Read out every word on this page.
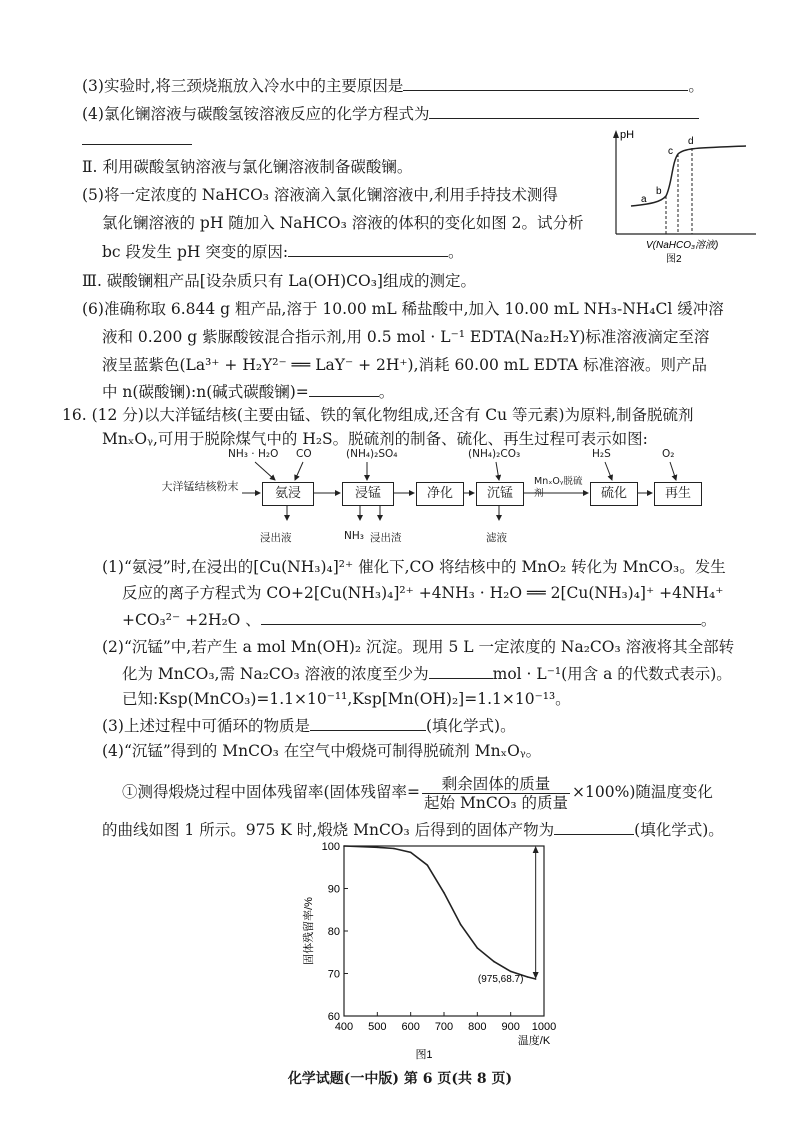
(3)实验时,将三颈烧瓶放入冷水中的主要原因是	。
(4)氯化镧溶液与碳酸氢铵溶液反应的化学方程式为
Ⅱ. 利用碳酸氢钠溶液与氯化镧溶液制备碳酸镧。
(5)将一定浓度的 NaHCO₃ 溶液滴入氯化镧溶液中,利用手持技术测得
氯化镧溶液的 pH 随加入 NaHCO₃ 溶液的体积的变化如图 2。试分析
bc 段发生 pH 突变的原因:	。
pH
a
b
c
d
V(NaHCO₃溶液)
图2
Ⅲ. 碳酸镧粗产品[设杂质只有 La(OH)CO₃]组成的测定。
(6)准确称取 6.844 g 粗产品,溶于 10.00 mL 稀盐酸中,加入 10.00 mL NH₃-NH₄Cl 缓冲溶
液和 0.200 g 紫脲酸铵混合指示剂,用 0.5 mol · L⁻¹ EDTA(Na₂H₂Y)标准溶液滴定至溶
液呈蓝紫色(La³⁺ + H₂Y²⁻ ══ LaY⁻ + 2H⁺),消耗 60.00 mL EDTA 标准溶液。则产品
中 n(碳酸镧):n(碱式碳酸镧)=	。
16. (12 分)以大洋锰结核(主要由锰、铁的氧化物组成,还含有 Cu 等元素)为原料,制备脱硫剂
MnₓOᵧ,可用于脱除煤气中的 H₂S。脱硫剂的制备、硫化、再生过程可表示如图:
NH₃ · H₂O CO	(NH₄)₂SO₄	(NH₄)₂CO₃	H₂S	O₂
大洋锰结核粉末	氨浸	浸锰	净化	沉锰
MnₓOᵧ脱硫剂	硫化	再生
浸出液	NH₃ 浸出渣	滤液
(1)“氨浸”时,在浸出的[Cu(NH₃)₄]²⁺ 催化下,CO 将结核中的 MnO₂ 转化为 MnCO₃。发生
反应的离子方程式为 CO+2[Cu(NH₃)₄]²⁺ +4NH₃ · H₂O ══ 2[Cu(NH₃)₄]⁺ +4NH₄⁺
+CO₃²⁻ +2H₂O 、	。
(2)“沉锰”中,若产生 a mol Mn(OH)₂ 沉淀。现用 5 L 一定浓度的 Na₂CO₃ 溶液将其全部转
化为 MnCO₃,需 Na₂CO₃ 溶液的浓度至少为	mol · L⁻¹(用含 a 的代数式表示)。
已知:Ksp(MnCO₃)=1.1×10⁻¹¹,Ksp[Mn(OH)₂]=1.1×10⁻¹³。
(3)上述过程中可循环的物质是	(填化学式)。
(4)“沉锰”得到的 MnCO₃ 在空气中煅烧可制得脱硫剂 MnₓOᵧ。
①测得煅烧过程中固体残留率(固体残留率= $\frac{\text{剩余固体的质量}}{\text{起始 MnCO₃ 的质量}} \times 100\%$)随温度变化
的曲线如图 1 所示。975 K 时,煅烧 MnCO₃ 后得到的固体产物为	(填化学式)。
400 500 600 700 800 900 1000
60
70
80
90
100
(975,68.7)
固体残留率/%
温度/K
图1
化学试题(一中版) 第 6 页(共 8 页)
